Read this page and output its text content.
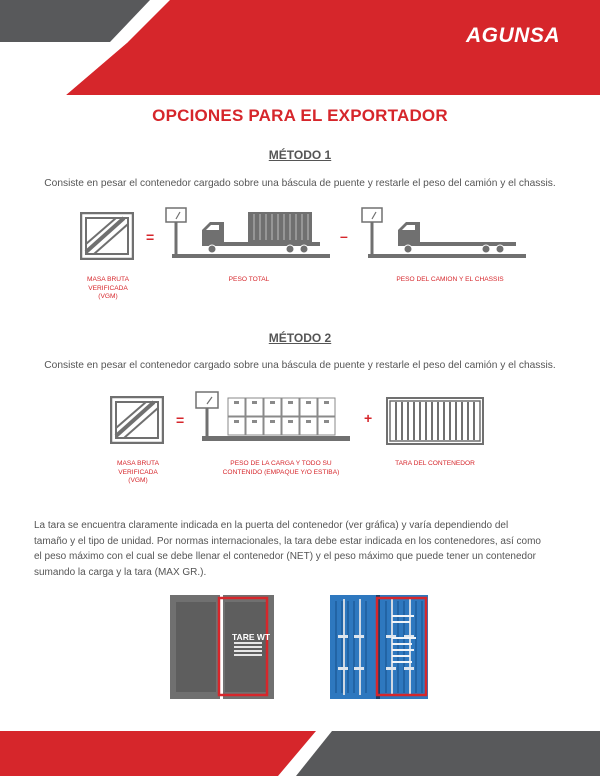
AGUNSA
OPCIONES PARA EL EXPORTADOR
MÉTODO 1
Consiste en pesar el contenedor cargado sobre una báscula de puente y restarle el peso del camión y el chassis.
=	–
MASA BRUTA
VERIFICADA
(VGM)
PESO TOTAL	PESO DEL CAMION Y EL CHASSIS
MÉTODO 2
Consiste en pesar el contenedor cargado sobre una báscula de puente y restarle el peso del camión y el chassis.
=	+
MASA BRUTA
VERIFICADA
(VGM)
PESO DE LA CARGA Y TODO SU
CONTENIDO (EMPAQUE Y/O ESTIBA)
TARA DEL CONTENEDOR
La tara se encuentra claramente indicada en la puerta del contenedor (ver gráfica) y varía dependiendo del
tamaño y el tipo de unidad. Por normas internacionales, la tara debe estar indicada en los contenedores, así como
el peso máximo con el cual se debe llenar el contenedor (NET) y el peso máximo que puede tener un contenedor
sumando la carga y la tara (MAX GR.).
TARE WT
